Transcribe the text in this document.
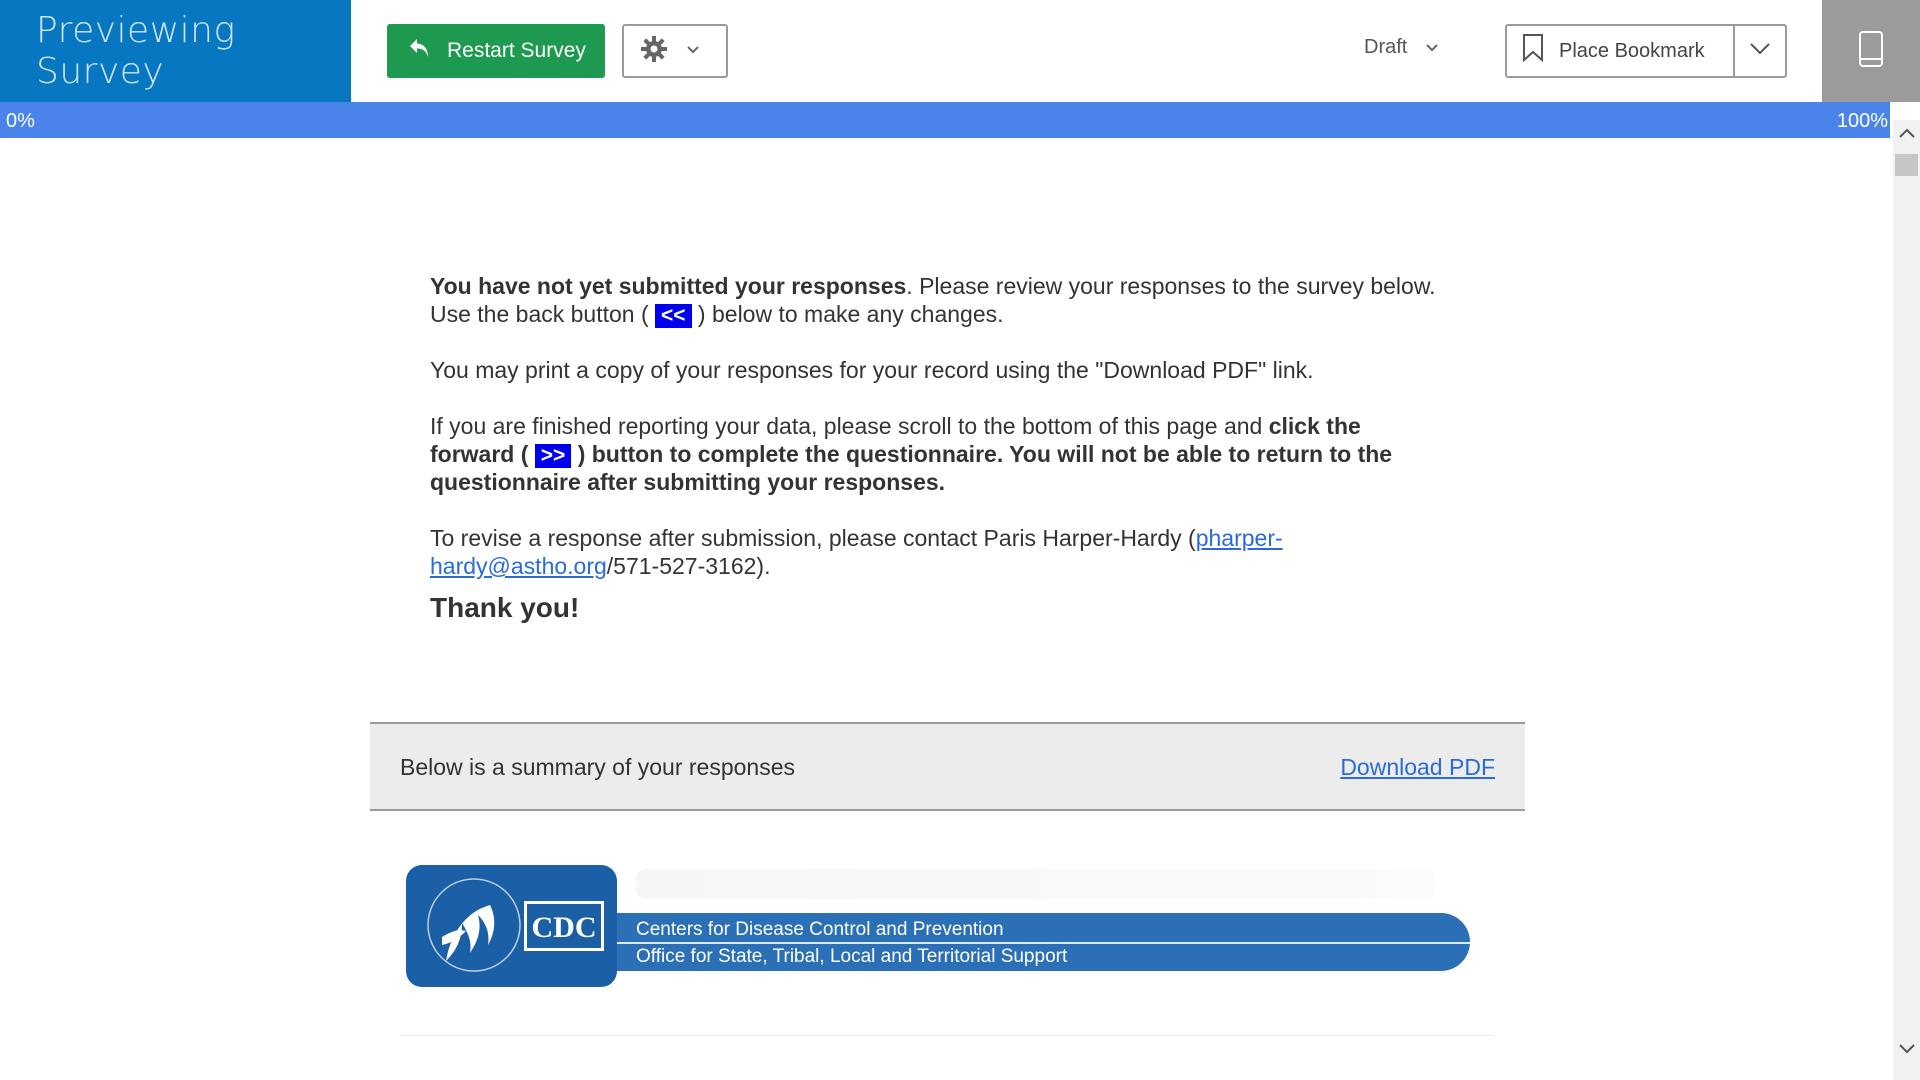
Previewing Survey
Restart Survey	Draft	Place Bookmark
0%	100%

You have not yet submitted your responses. Please review your responses to the survey below. Use the back button ( << ) below to make any changes.

You may print a copy of your responses for your record using the "Download PDF" link.

If you are finished reporting your data, please scroll to the bottom of this page and click the forward ( >> ) button to complete the questionnaire. You will not be able to return to the questionnaire after submitting your responses.

To revise a response after submission, please contact Paris Harper-Hardy (pharper-hardy@astho.org/571-527-3162).

Thank you!
Below is a summary of your responses	Download PDF
Centers for Disease Control and Prevention
Office for State, Tribal, Local and Territorial Support
CDC
